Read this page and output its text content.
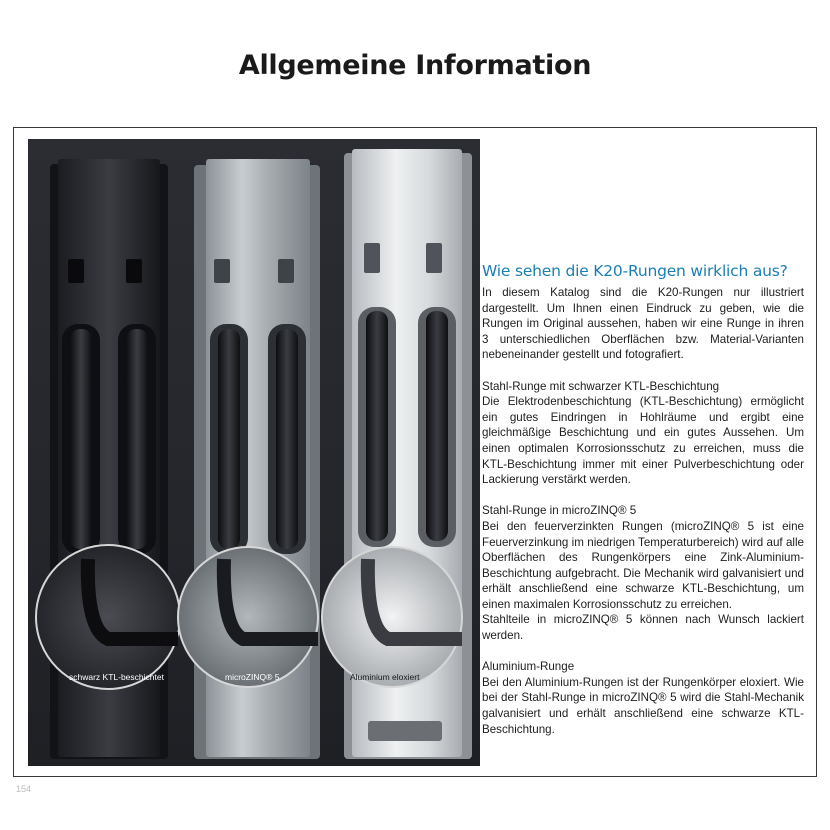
Allgemeine Information
schwarz KTL-beschichtet	microZINQ® 5	Aluminium eloxiert
Wie sehen die K20-Rungen wirklich aus?

In diesem Katalog sind die K20-Rungen nur illustriert dargestellt. Um Ihnen einen Eindruck zu geben, wie die Rungen im Original aussehen, haben wir eine Runge in ihren 3 unterschiedlichen Oberflächen bzw. Material-Varianten nebeneinander gestellt und fotografiert.

Stahl-Runge mit schwarzer KTL-Beschichtung
Die Elektrodenbeschichtung (KTL-Beschichtung) ermöglicht ein gutes Eindringen in Hohlräume und ergibt eine gleichmäßige Beschichtung und ein gutes Aussehen. Um einen optimalen Korrosionsschutz zu erreichen, muss die KTL-Beschichtung immer mit einer Pulverbeschichtung oder Lackierung verstärkt werden.

Stahl-Runge in microZINQ® 5
Bei den feuerverzinkten Rungen (microZINQ® 5 ist eine Feuerverzinkung im niedrigen Temperaturbereich) wird auf alle Oberflächen des Rungenkörpers eine Zink-Aluminium-Beschichtung aufgebracht. Die Mechanik wird galvanisiert und erhält anschließend eine schwarze KTL-Beschichtung, um einen maximalen Korrosionsschutz zu erreichen.
Stahlteile in microZINQ® 5 können nach Wunsch lackiert werden.

Aluminium-Runge
Bei den Aluminium-Rungen ist der Rungenkörper eloxiert. Wie bei der Stahl-Runge in microZINQ® 5 wird die Stahl-Mechanik galvanisiert und erhält anschließend eine schwarze KTL-Beschichtung.

154
